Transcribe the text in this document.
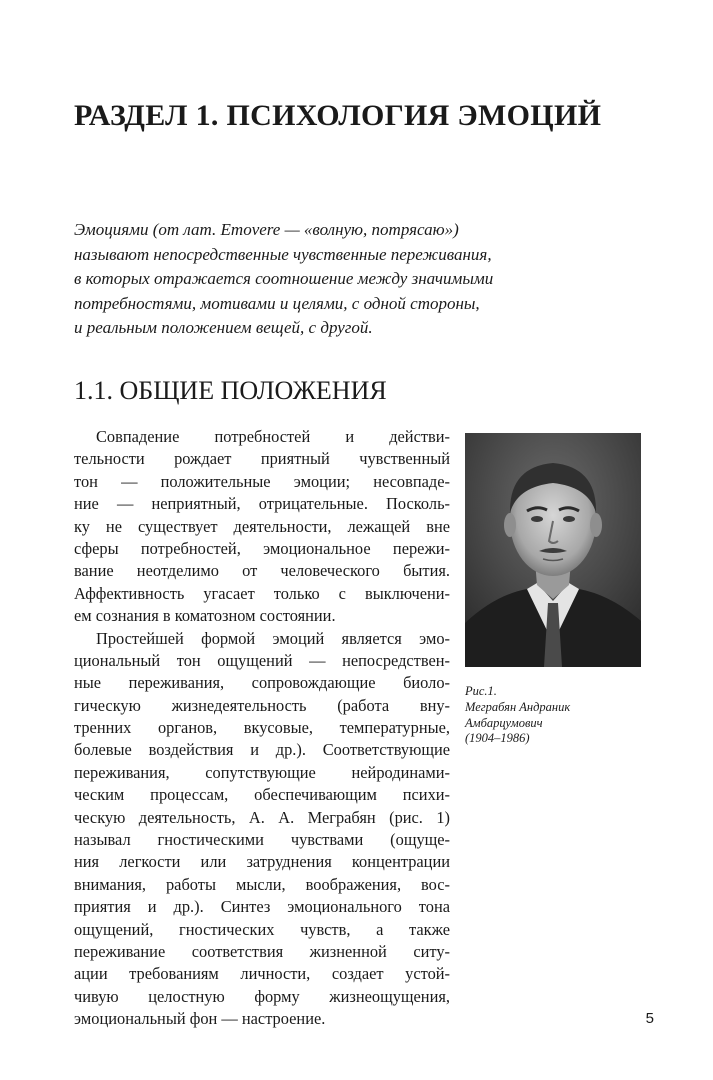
РАЗДЕЛ 1. ПСИХОЛОГИЯ ЭМОЦИЙ
Эмоциями (от лат. Emovere — «волную, потрясаю»)
называют непосредственные чувственные переживания,
в которых отражается соотношение между значимыми
потребностями, мотивами и целями, с одной стороны,
и реальным положением вещей, с другой.
1.1. ОБЩИЕ ПОЛОЖЕНИЯ
Совпадение потребностей и действи-
тельности рождает приятный чувственный
тон — положительные эмоции; несовпаде-
ние — неприятный, отрицательные. Посколь-
ку не существует деятельности, лежащей вне
сферы потребностей, эмоциональное пережи-
вание неотделимо от человеческого бытия.
Аффективность угасает только с выключени-
ем сознания в коматозном состоянии.
Простейшей формой эмоций является эмо-
циональный тон ощущений — непосредствен-
ные переживания, сопровождающие биоло-
гическую жизнедеятельность (работа вну-
тренних органов, вкусовые, температурные,
болевые воздействия и др.). Соответствующие
переживания, сопутствующие нейродинами-
ческим процессам, обеспечивающим психи-
ческую деятельность, А. А. Меграбян (рис. 1)
называл гностическими чувствами (ощуще-
ния легкости или затруднения концентрации
внимания, работы мысли, воображения, вос-
приятия и др.). Синтез эмоционального тона
ощущений, гностических чувств, а также
переживание соответствия жизненной ситу-
ации требованиям личности, создает устой-
чивую целостную форму жизнеощущения,
эмоциональный фон — настроение.
Рис.1.
Меграбян Андраник
Амбарцумович
(1904–1986)
5
